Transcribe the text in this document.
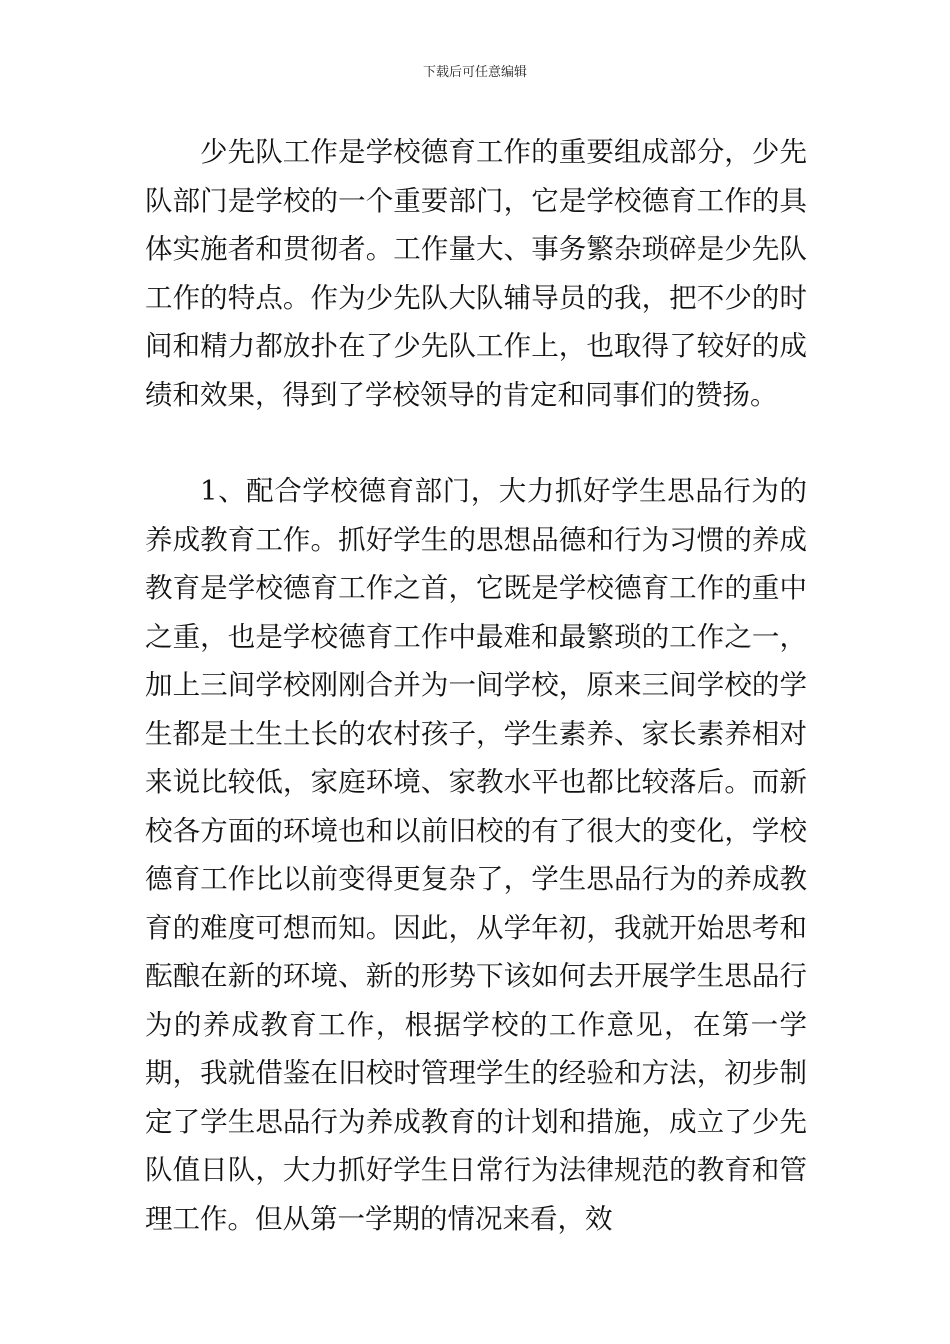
下载后可任意编辑

少先队工作是学校德育工作的重要组成部分，少先队部门是学校的一个重要部门，它是学校德育工作的具体实施者和贯彻者。工作量大、事务繁杂琐碎是少先队工作的特点。作为少先队大队辅导员的我，把不少的时间和精力都放扑在了少先队工作上，也取得了较好的成绩和效果，得到了学校领导的肯定和同事们的赞扬。

1、配合学校德育部门，大力抓好学生思品行为的养成教育工作。抓好学生的思想品德和行为习惯的养成教育是学校德育工作之首，它既是学校德育工作的重中之重，也是学校德育工作中最难和最繁琐的工作之一，加上三间学校刚刚合并为一间学校，原来三间学校的学生都是土生土长的农村孩子，学生素养、家长素养相对来说比较低，家庭环境、家教水平也都比较落后。而新校各方面的环境也和以前旧校的有了很大的变化，学校德育工作比以前变得更复杂了，学生思品行为的养成教育的难度可想而知。因此，从学年初，我就开始思考和酝酿在新的环境、新的形势下该如何去开展学生思品行为的养成教育工作，根据学校的工作意见，在第一学期，我就借鉴在旧校时管理学生的经验和方法，初步制定了学生思品行为养成教育的计划和措施，成立了少先队值日队，大力抓好学生日常行为法律规范的教育和管理工作。但从第一学期的情况来看，效
